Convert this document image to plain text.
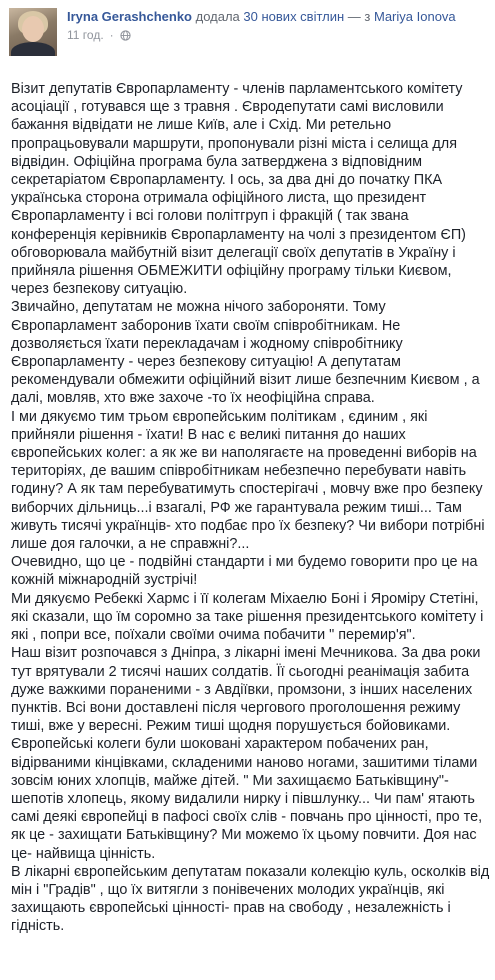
Iryna Gerashchenko додала 30 нових світлин — з Mariya Ionova
11 год. ·

Візит депутатів Європарламенту - членів парламентського комітету асоціації , готувався ще з травня . Євродепутати самі висловили бажання відвідати не лише Київ, але і Схід. Ми ретельно пропрацьовували маршрути, пропонували різні міста і селища для відвідин. Офіційна програма була затверджена з відповідним секретаріатом Європарламенту. І ось, за два дні до початку ПКА українська сторона отримала офіційного листа, що президент Європарламенту і всі голови політгруп і фракцій ( так звана конференція керівників Європарламенту на чолі з президентом ЄП) обговорювала майбутній візит делегації своїх депутатів в Україну і прийняла рішення ОБМЕЖИТИ офіційну програму тільки Києвом, через безпекову ситуацію.

Звичайно, депутатам не можна нічого забороняти. Тому Європарламент заборонив їхати своїм співробітникам. Не дозволяється їхати перекладачам і жодному співробітнику Європарламенту - через безпекову ситуацію! А депутатам рекомендували обмежити офіційний візит лише безпечним Києвом , а далі, мовляв, хто вже захоче -то їх неофіційна справа.

І ми дякуємо тим трьом європейським політикам , єдиним , які прийняли рішення - їхати! В нас є великі питання до наших європейських колег: а як же ви наполягаєте на проведенні виборів на територіях, де вашим співробітникам небезпечно перебувати навіть годину? А як там перебуватимуть спостерігачі , мовчу вже про безпеку виборчих дільниць...і взагалі, РФ же гарантувала режим тиші... Там живуть тисячі українців- хто подбає про їх безпеку? Чи вибори потрібні лише доя галочки, а не справжні?...

Очевидно, що це - подвійні стандарти і ми будемо говорити про це на кожній міжнародній зустрічі!

Ми дякуємо Ребеккі Хармс і її колегам Міхаелю Боні і Яроміру Стетіні, які сказали, що їм соромно за таке рішення президентського комітету і які , попри все, поїхали своїми очима побачити " перемир'я".

Наш візит розпочався з Дніпра, з лікарні імені Мечникова. За два роки тут врятували 2 тисячі наших солдатів. Її сьогодні реанімація забита дуже важкими пораненими - з Авдіївки, промзони, з інших населених пунктів. Всі вони доставлені після чергового проголошення режиму тиші, вже у вересні. Режим тиші щодня порушується бойовиками. Європейські колеги були шоковані характером побачених ран, відірваними кінцівками, складеними наново ногами, зашитими тілами зовсім юних хлопців, майже дітей. " Ми захищаємо Батьківщину"- шепотів хлопець, якому видалили нирку і півшлунку... Чи пам' ятають самі деякі європейці в пафосі своїх слів - повчань про цінності, про те, як це - захищати Батьківщину? Ми можемо їх цьому повчити. Доя нас це- найвища цінність.

В лікарні європейським депутатам показали колекцію куль, осколків від мін і "Градів" , що їх витягли з понівечених молодих українців, які захищають європейські цінності- прав на свободу , незалежність і гідність.
